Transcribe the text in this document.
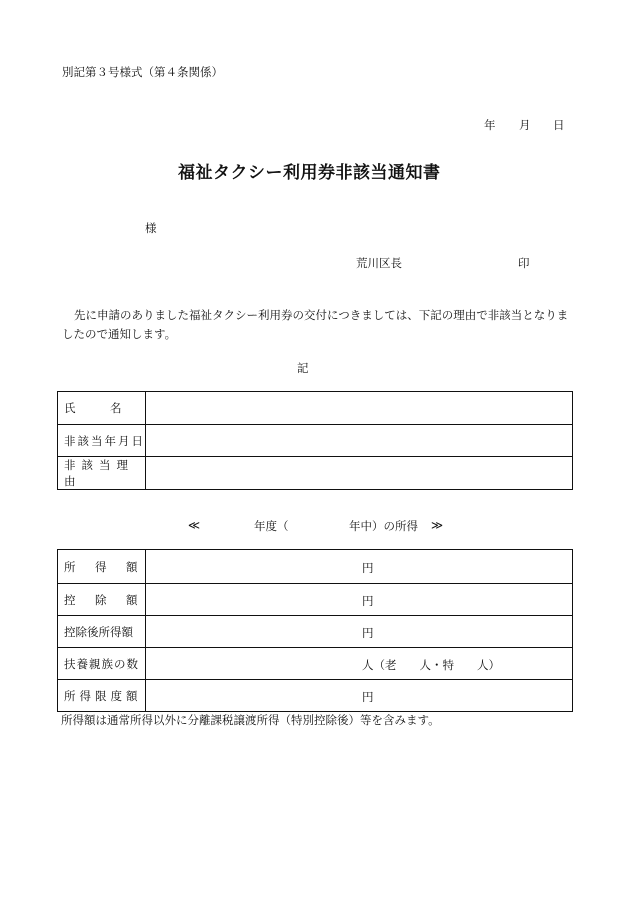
別記第３号様式（第４条関係）
年 月 日
福祉タクシー利用券非該当通知書
様
荒川区長	印
先に申請のありました福祉タクシー利用券の交付につきましては、下記の理由で非該当となりましたので通知します。
記
氏　　　名	
非該当年月日	
非該当理由	
≪	年度（	年中）の所得 ≫
所　得　額	円

控　除　額	円

控除後所得額	円

扶養親族の数	人（老　　人・特　　人）

所得限度額	円
所得額は通常所得以外に分離課税譲渡所得（特別控除後）等を含みます。
